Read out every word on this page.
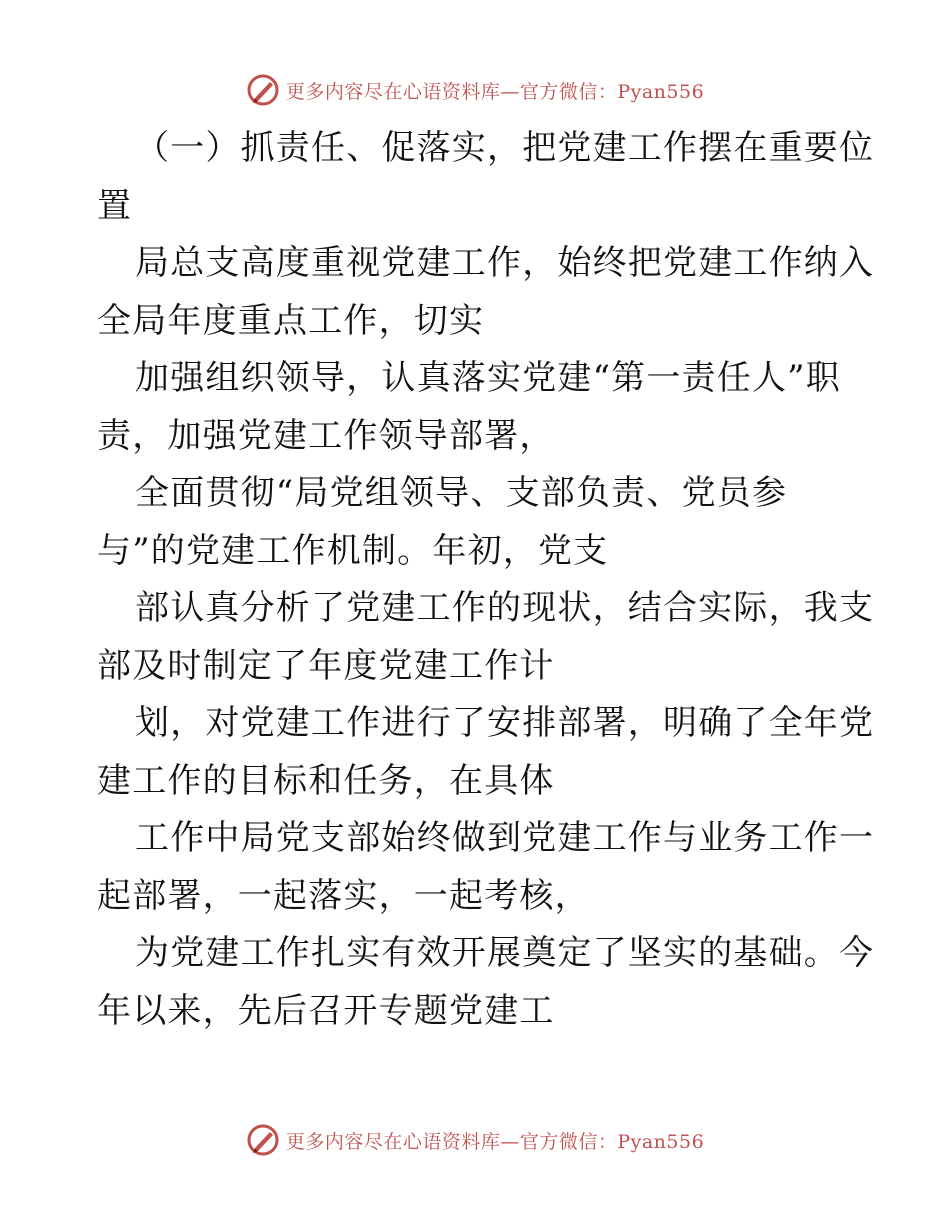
更多内容尽在心语资料库—官方微信：Pyan556
（一）抓责任、促落实，把党建工作摆在重要位
置
局总支高度重视党建工作，始终把党建工作纳入
全局年度重点工作，切实
加强组织领导，认真落实党建“第一责任人”职
责，加强党建工作领导部署，
全面贯彻“局党组领导、支部负责、党员参
与”的党建工作机制。年初，党支
部认真分析了党建工作的现状，结合实际，我支
部及时制定了年度党建工作计
划，对党建工作进行了安排部署，明确了全年党
建工作的目标和任务，在具体
工作中局党支部始终做到党建工作与业务工作一
起部署，一起落实，一起考核，
为党建工作扎实有效开展奠定了坚实的基础。今
年以来，先后召开专题党建工
更多内容尽在心语资料库—官方微信：Pyan556
